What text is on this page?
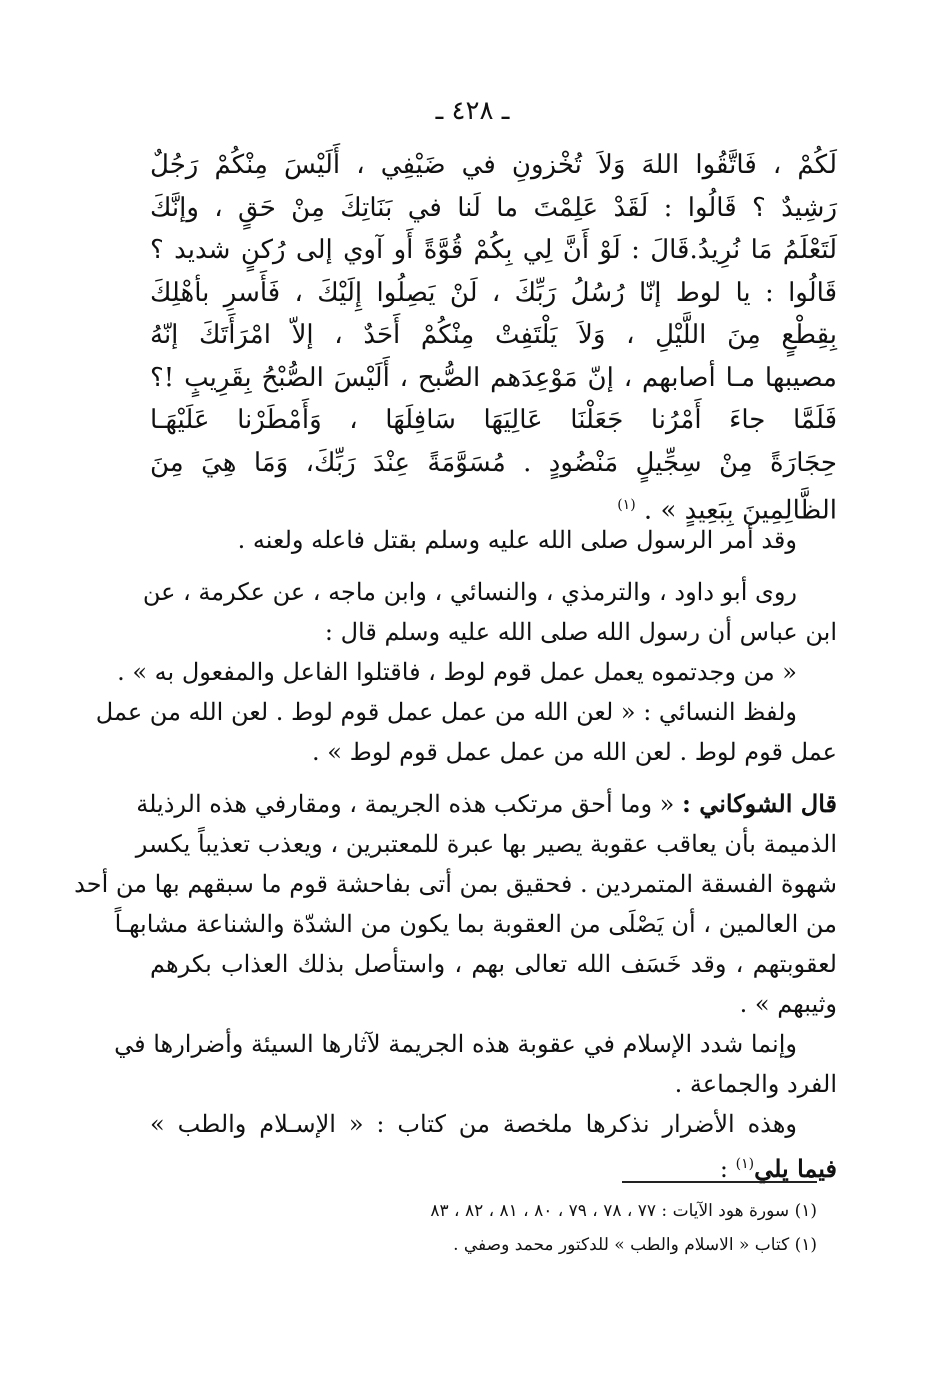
ـ ٤٢٨ ـ
لَكُمْ ، فَاتَّقُوا اللهَ وَلاَ تُخْزونِ في ضَيْفِي ، أَلَيْسَ مِنْكُمْ رَجُلٌ
رَشِيدٌ ؟ قَالُوا : لَقَدْ عَلِمْتَ ما لَنا في بَنَاتِكَ مِنْ حَقٍ ، وإنَّكَ
لَتَعْلَمُ مَا نُرِيدُ.قَالَ : لَوْ أَنَّ لِي بِكُمْ قُوَّةً أَو آوي إلى رُكنٍ شديد ؟
قَالُوا : يا لوط إنّا رُسُلُ رَبِّكَ ، لَنْ يَصِلُوا إِلَيْكَ ، فَأَسرِ بأهْلِكَ
بِقِطْعٍ مِنَ اللَّيْلِ ، وَلاَ يَلْتَفِتْ مِنْكُمْ أَحَدٌ ، إلاّ امْرَأَتَكَ إنّهُ
مصيبها مـا أصابهم ، إنّ مَوْعِدَهم الصُّبح ، أَلَيْسَ الصُّبْحُ بِقَرِيبٍ !؟
فَلَمَّا جاءَ أَمْرُنا جَعَلْنَا عَالِيَهَا سَافِلَهَا ، وَأَمْطَرْنا عَلَيْهَـا
حِجَارَةً مِنْ سِجِّيلٍ مَنْضُودٍ . مُسَوَّمَةً عِنْدَ رَبِّكَ، وَمَا هِيَ مِنَ
الظَّالِمِينَ بِبَعِيدٍ » . $^{(١)}$
وقد أمر الرسول صلى الله عليه وسلم بقتل فاعله ولعنه .
روى أبو داود ، والترمذي ، والنسائي ، وابن ماجه ، عن عكرمة ، عن
ابن عباس أن رسول الله صلى الله عليه وسلم قال :
« من وجدتموه يعمل عمل قوم لوط ، فاقتلوا الفاعل والمفعول به » .
ولفظ النسائي : « لعن الله من عمل عمل قوم لوط . لعن الله من عمل
عمل قوم لوط . لعن الله من عمل عمل قوم لوط » .
قال الشوكاني : « وما أحق مرتكب هذه الجريمة ، ومقارفي هذه الرذيلة
الذميمة بأن يعاقب عقوبة يصير بها عبرة للمعتبرين ، ويعذب تعذيباً يكسر
شهوة الفسقة المتمردين . فحقيق بمن أتى بفاحشة قوم ما سبقهم بها من أحد
من العالمين ، أن يَصْلَى من العقوبة بما يكون من الشدّة والشناعة مشابهـاً
لعقوبتهم ، وقد خَسَف الله تعالى بهم ، واستأصل بذلك العذاب بكرهم
وثيبهم » .
وإنما شدد الإسلام في عقوبة هذه الجريمة لآثارها السيئة وأضرارها في
الفرد والجماعة .
وهذه الأضرار نذكرها ملخصة من كتاب : « الإسـلام والطب »
فيما يلي$^{(١)}$ :
(١) سورة هود الآيات : ٧٧ ، ٧٨ ، ٧٩ ، ٨٠ ، ٨١ ، ٨٢ ، ٨٣
(١) كتاب « الاسلام والطب » للدكتور محمد وصفي .
